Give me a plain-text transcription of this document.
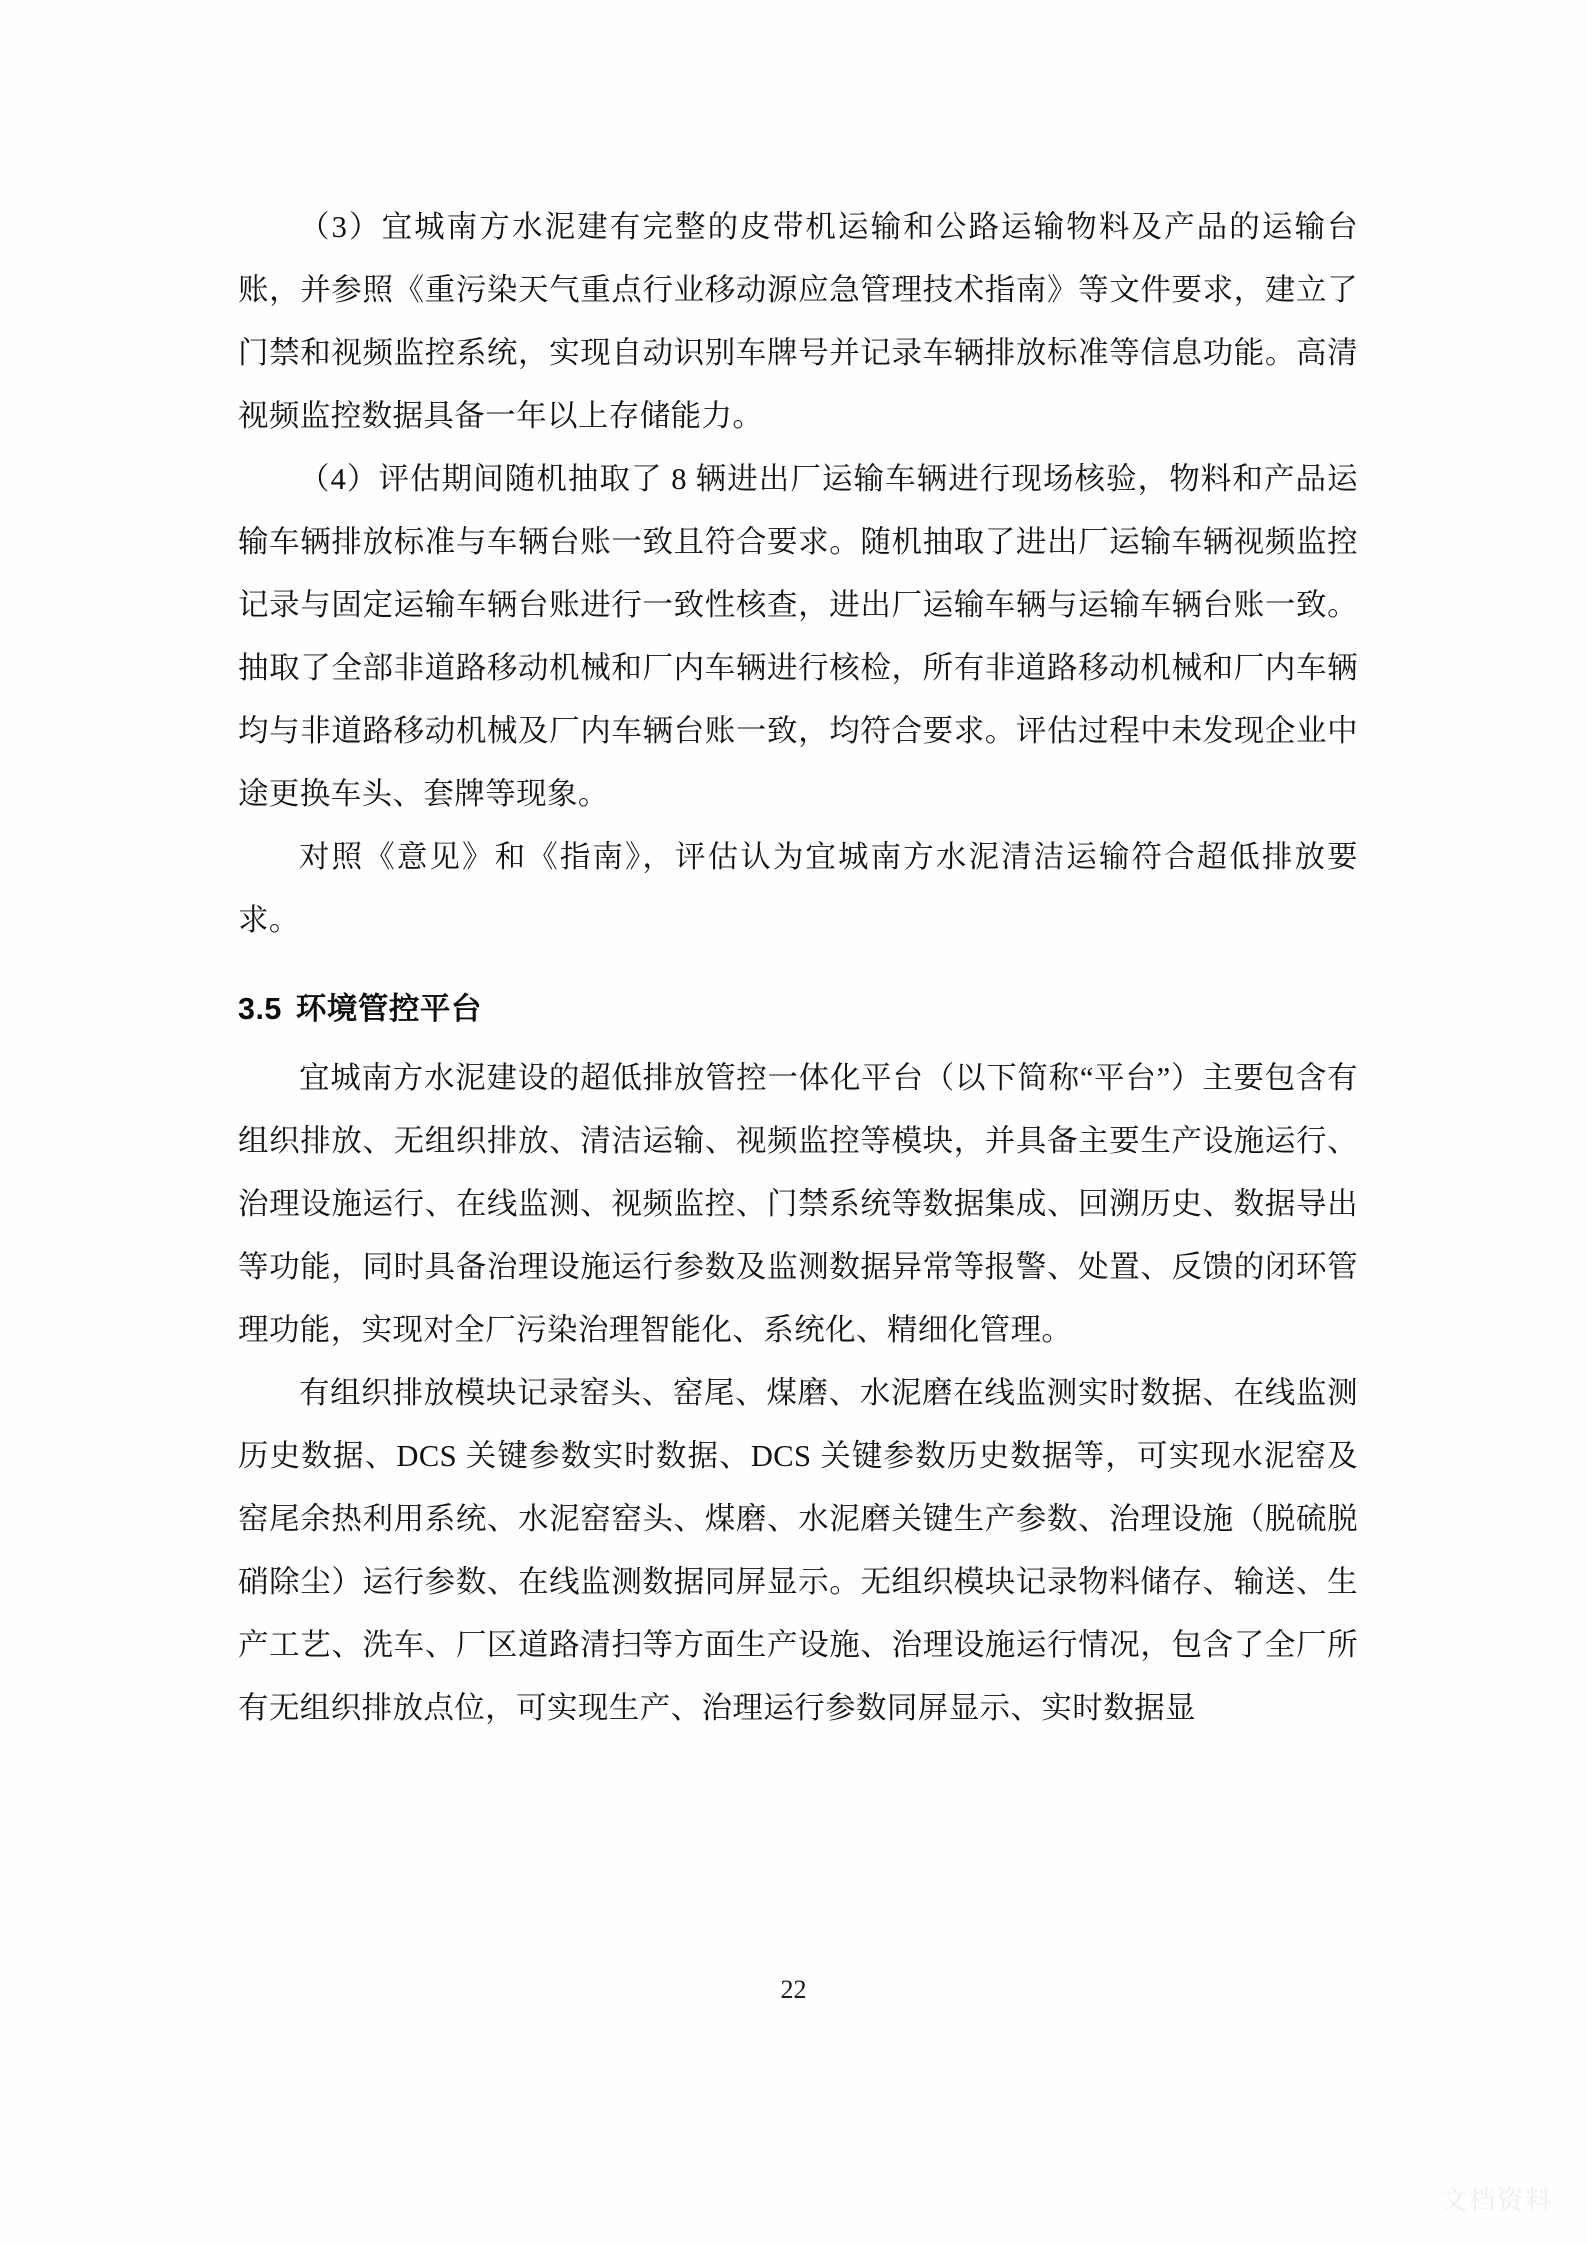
（3）宜城南方水泥建有完整的皮带机运输和公路运输物料及产品的运输台账，并参照《重污染天气重点行业移动源应急管理技术指南》等文件要求，建立了门禁和视频监控系统，实现自动识别车牌号并记录车辆排放标准等信息功能。高清视频监控数据具备一年以上存储能力。

（4）评估期间随机抽取了 8 辆进出厂运输车辆进行现场核验，物料和产品运输车辆排放标准与车辆台账一致且符合要求。随机抽取了进出厂运输车辆视频监控记录与固定运输车辆台账进行一致性核查，进出厂运输车辆与运输车辆台账一致。抽取了全部非道路移动机械和厂内车辆进行核检，所有非道路移动机械和厂内车辆均与非道路移动机械及厂内车辆台账一致，均符合要求。评估过程中未发现企业中途更换车头、套牌等现象。

对照《意见》和《指南》，评估认为宜城南方水泥清洁运输符合超低排放要求。

3.5 环境管控平台

宜城南方水泥建设的超低排放管控一体化平台（以下简称“平台”）主要包含有组织排放、无组织排放、清洁运输、视频监控等模块，并具备主要生产设施运行、治理设施运行、在线监测、视频监控、门禁系统等数据集成、回溯历史、数据导出等功能，同时具备治理设施运行参数及监测数据异常等报警、处置、反馈的闭环管理功能，实现对全厂污染治理智能化、系统化、精细化管理。

有组织排放模块记录窑头、窑尾、煤磨、水泥磨在线监测实时数据、在线监测历史数据、DCS 关键参数实时数据、DCS 关键参数历史数据等，可实现水泥窑及窑尾余热利用系统、水泥窑窑头、煤磨、水泥磨关键生产参数、治理设施（脱硫脱硝除尘）运行参数、在线监测数据同屏显示。无组织模块记录物料储存、输送、生产工艺、洗车、厂区道路清扫等方面生产设施、治理设施运行情况，包含了全厂所有无组织排放点位，可实现生产、治理运行参数同屏显示、实时数据显

22
文档资料
